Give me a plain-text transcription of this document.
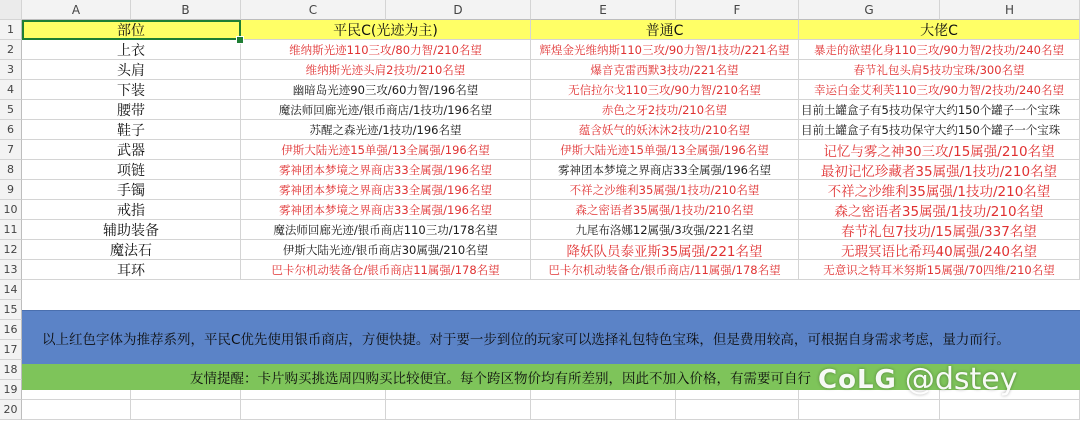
A	B	C	D	E	F	G	H
1
2
3
4
5
6
7
8
9
10
11
12
13
14
15
16
17
18
19
20
部位	平民C(光迹为主)	普通C	大佬C
上衣	维纳斯光迹110三攻/80力智/210名望	辉煌金光维纳斯110三攻/90力智/1技功/221名望	暴走的欲望化身110三攻/90力智/2技功/240名望
头肩	维纳斯光迹头肩2技功/210名望	爆音克雷西默3技功/221名望	春节礼包头肩5技功宝珠/300名望
下装	幽暗岛光迹90三攻/60力智/196名望	无信拉尔戈110三攻/90力智/210名望	幸运白金艾利芙110三攻/90力智/2技功/240名望
腰带	魔法师回廊光迹/银币商店/1技功/196名望	赤色之牙2技功/210名望	目前土罐盒子有5技功保守大约150个罐子一个宝珠
鞋子	苏醒之森光迹/1技功/196名望	蕴含妖气的妖沐沐2技功/210名望	目前土罐盒子有5技功保守大约150个罐子一个宝珠
武器	伊斯大陆光迹15单强/13全属强/196名望	伊斯大陆光迹15单强/13全属强/196名望	记忆与雾之神30三攻/15属强/210名望
项链	雾神团本梦境之界商店33全属强/196名望	雾神团本梦境之界商店33全属强/196名望	最初记忆珍藏者35属强/1技功/210名望
手镯	雾神团本梦境之界商店33全属强/196名望	不祥之沙维利35属强/1技功/210名望	不祥之沙维利35属强/1技功/210名望
戒指	雾神团本梦境之界商店33全属强/196名望	森之密语者35属强/1技功/210名望	森之密语者35属强/1技功/210名望
辅助装备	魔法师回廊光迹/银币商店110三功/178名望	九尾布洛娜12属强/3攻强/221名望	春节礼包7技功/15属强/337名望
魔法石	伊斯大陆光迹/银币商店30属强/210名望	降妖队员泰亚斯35属强/221名望	无瑕冥语比希玛40属强/240名望
耳环	巴卡尔机动装备仓/银币商店11属强/178名望	巴卡尔机动装备仓/银币商店/11属强/178名望	无意识之特耳米努斯15属强/70四维/210名望
以上红色字体为推荐系列，平民C优先使用银币商店，方便快捷。对于要一步到位的玩家可以选择礼包特色宝珠，但是费用较高，可根据自身需求考虑，量力而行。
友情提醒：卡片购买挑选周四购买比较便宜。每个跨区物价均有所差别，因此不加入价格，有需要可自行 CoLG @dstey
